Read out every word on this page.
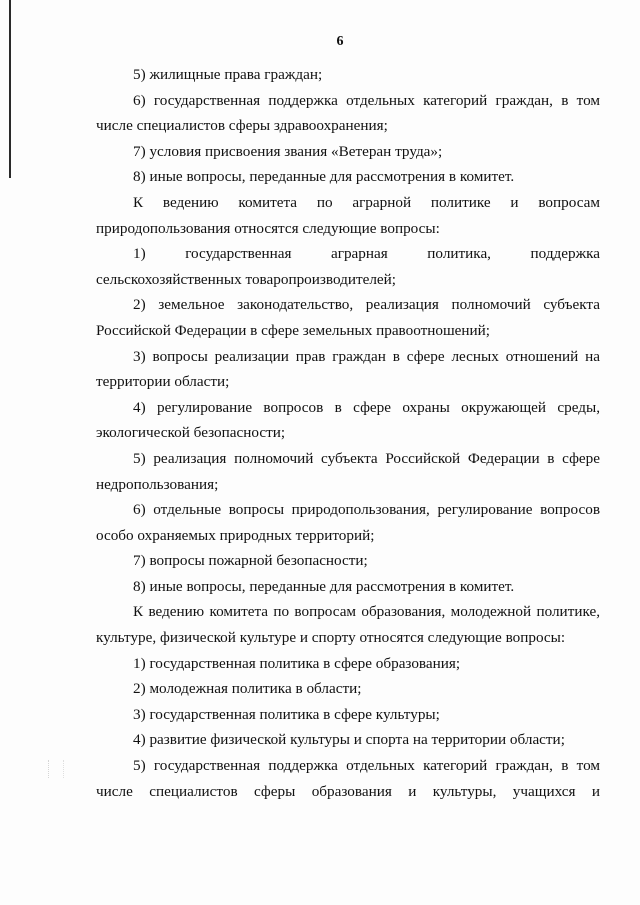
6

5) жилищные права граждан;

6) государственная поддержка отдельных категорий граждан, в том числе специалистов сферы здравоохранения;

7) условия присвоения звания «Ветеран труда»;

8) иные вопросы, переданные для рассмотрения в комитет.

К ведению комитета по аграрной политике и вопросам природопользования относятся следующие вопросы:

1) государственная аграрная политика, поддержка сельскохозяйственных товаропроизводителей;

2) земельное законодательство, реализация полномочий субъекта Российской Федерации в сфере земельных правоотношений;

3) вопросы реализации прав граждан в сфере лесных отношений на территории области;

4) регулирование вопросов в сфере охраны окружающей среды, экологической безопасности;

5) реализация полномочий субъекта Российской Федерации в сфере недропользования;

6) отдельные вопросы природопользования, регулирование вопросов особо охраняемых природных территорий;

7) вопросы пожарной безопасности;

8) иные вопросы, переданные для рассмотрения в комитет.

К ведению комитета по вопросам образования, молодежной политике, культуре, физической культуре и спорту относятся следующие вопросы:

1) государственная политика в сфере образования;

2) молодежная политика в области;

3) государственная политика в сфере культуры;

4) развитие физической культуры и спорта на территории области;

5) государственная поддержка отдельных категорий граждан, в том числе специалистов сферы образования и культуры, учащихся и
